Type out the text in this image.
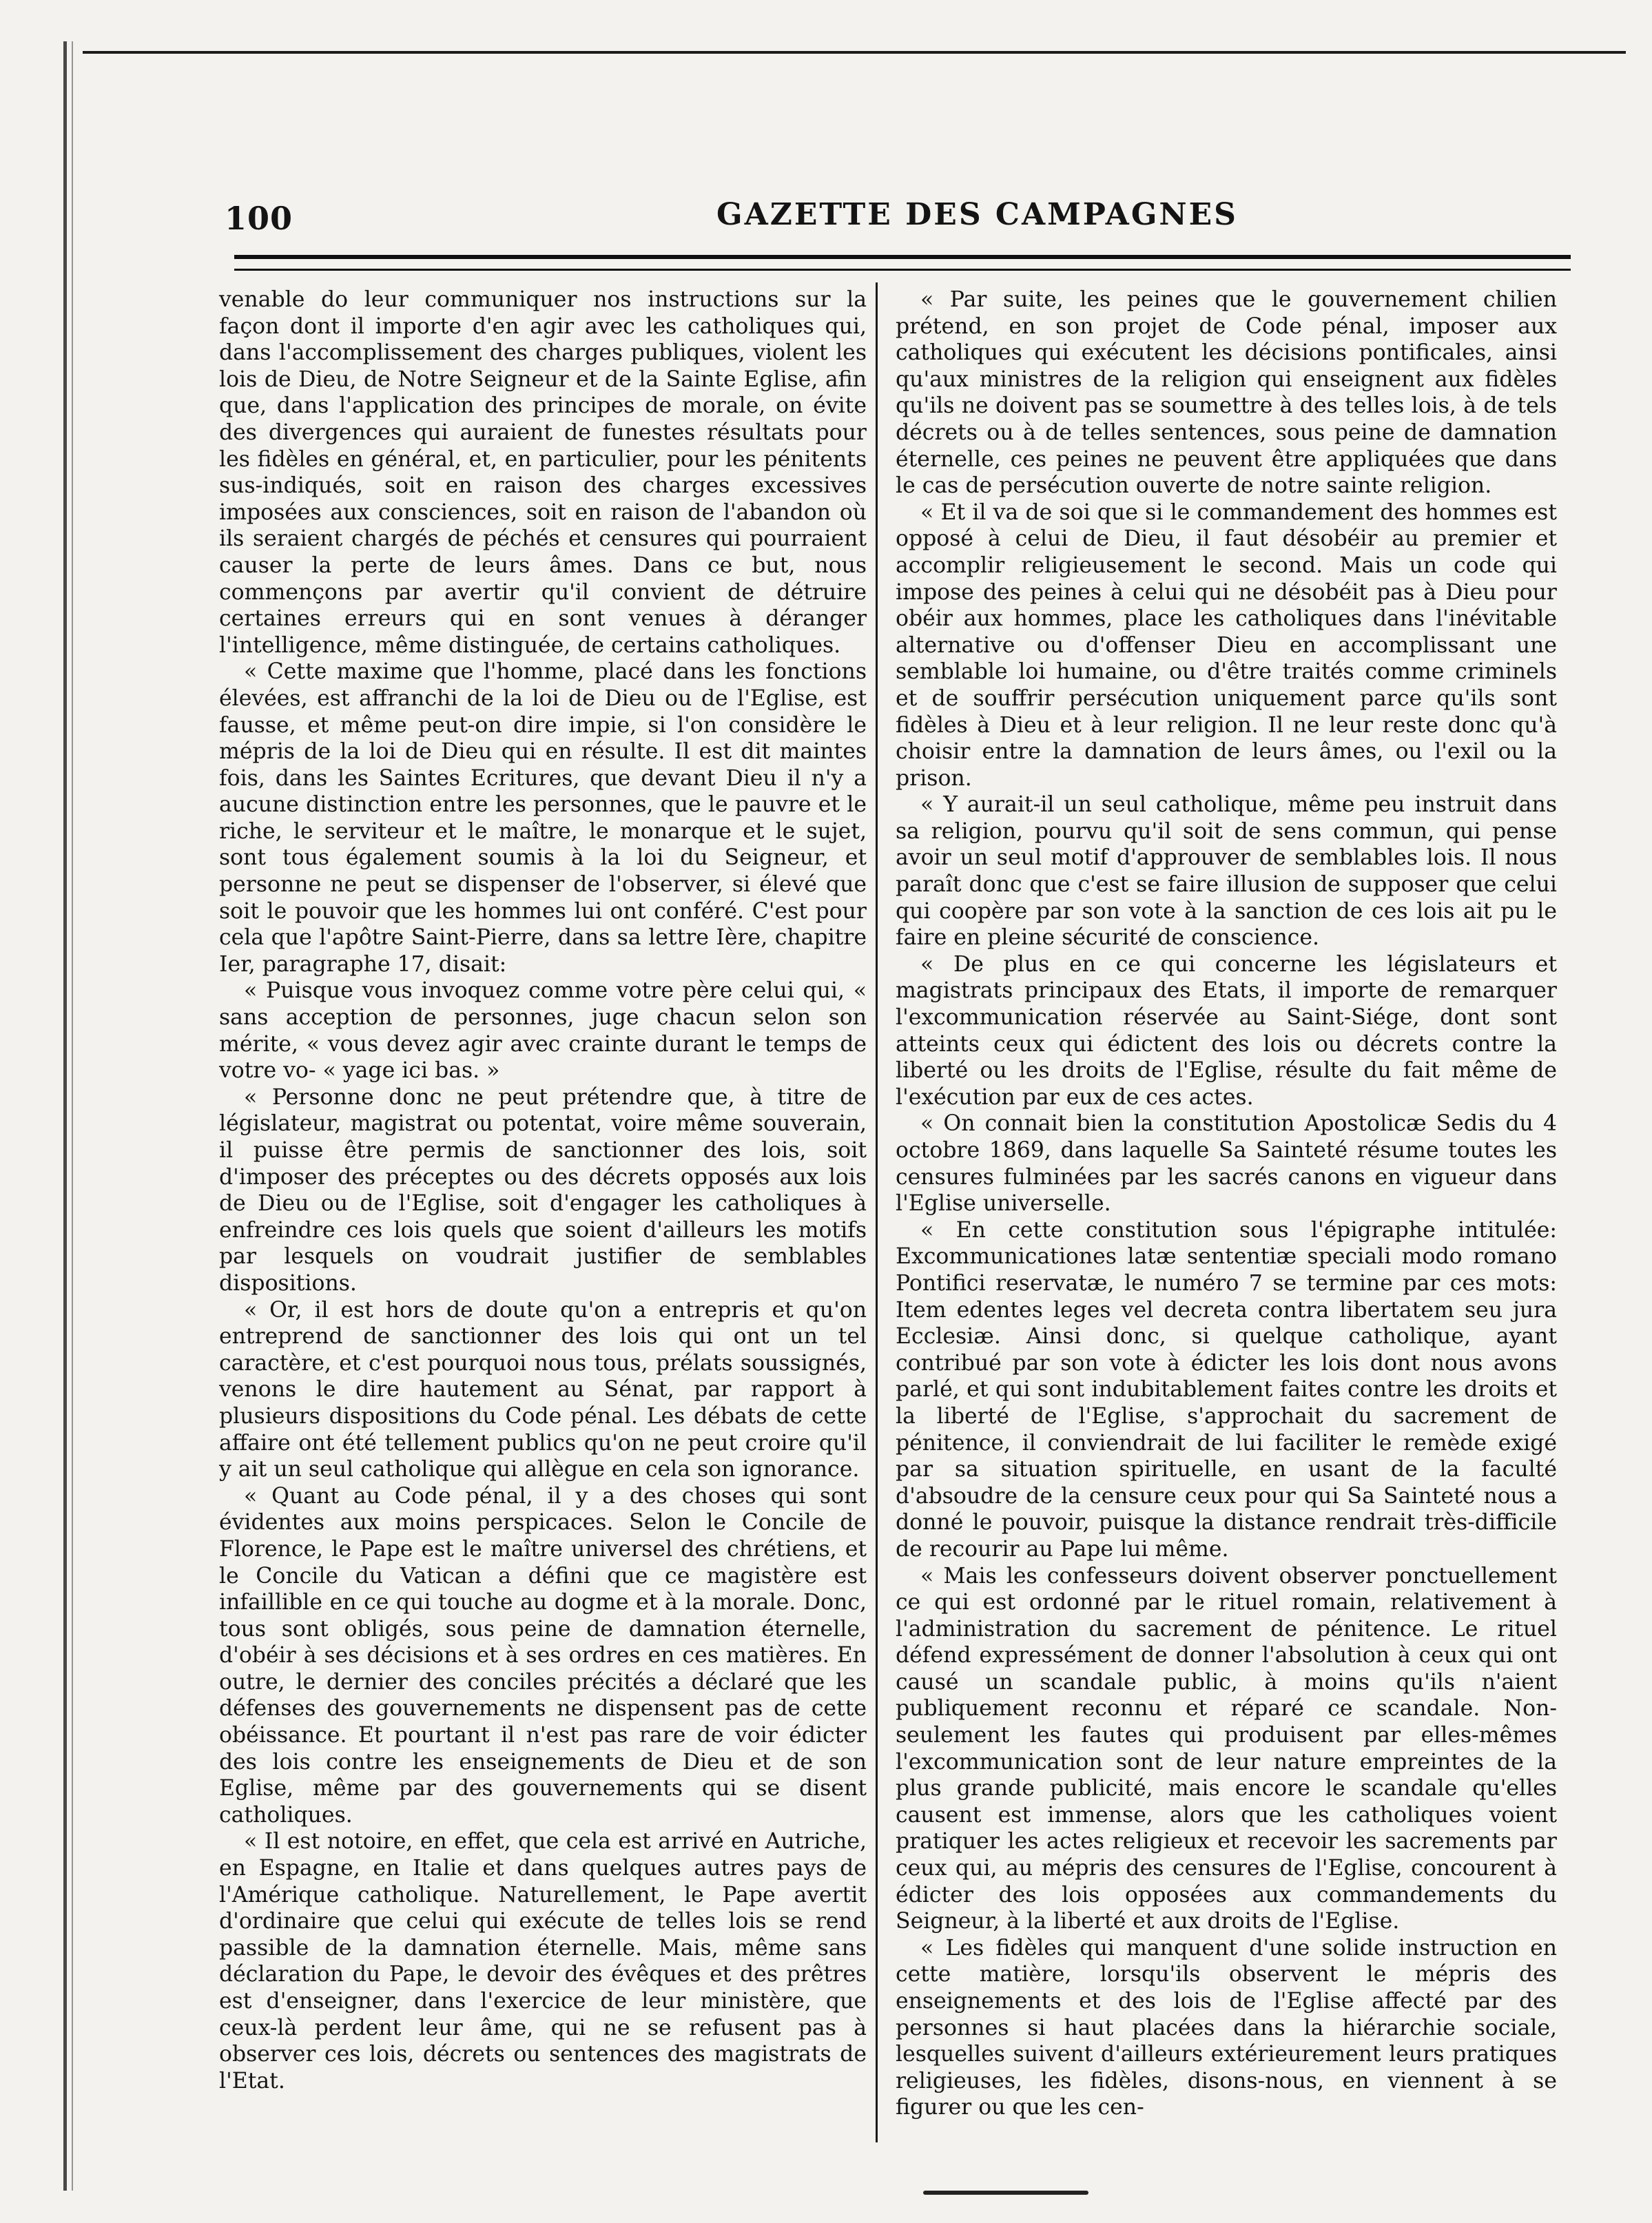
100	GAZETTE DES CAMPAGNES

venable do leur communiquer nos instructions sur la façon dont il importe d'en agir avec les catholiques qui, dans l'accomplissement des charges publiques, violent les lois de Dieu, de Notre Seigneur et de la Sainte Eglise, afin que, dans l'application des principes de morale, on évite des divergences qui auraient de funestes résultats pour les fidèles en général, et, en particulier, pour les pénitents sus-indiqués, soit en raison des charges excessives imposées aux consciences, soit en raison de l'abandon où ils seraient chargés de péchés et censures qui pourraient causer la perte de leurs âmes. Dans ce but, nous commençons par avertir qu'il convient de détruire certaines erreurs qui en sont venues à déranger l'intelligence, même distinguée, de certains catholiques.

« Cette maxime que l'homme, placé dans les fonctions élevées, est affranchi de la loi de Dieu ou de l'Eglise, est fausse, et même peut-on dire impie, si l'on considère le mépris de la loi de Dieu qui en résulte. Il est dit maintes fois, dans les Saintes Ecritures, que devant Dieu il n'y a aucune distinction entre les personnes, que le pauvre et le riche, le serviteur et le maître, le monarque et le sujet, sont tous également soumis à la loi du Seigneur, et personne ne peut se dispenser de l'observer, si élevé que soit le pouvoir que les hommes lui ont conféré. C'est pour cela que l'apôtre Saint-Pierre, dans sa lettre Ière, chapitre Ier, paragraphe 17, disait:

« Puisque vous invoquez comme votre père celui qui, « sans acception de personnes, juge chacun selon son mérite, « vous devez agir avec crainte durant le temps de votre vo- « yage ici bas. »

« Personne donc ne peut prétendre que, à titre de législateur, magistrat ou potentat, voire même souverain, il puisse être permis de sanctionner des lois, soit d'imposer des préceptes ou des décrets opposés aux lois de Dieu ou de l'Eglise, soit d'engager les catholiques à enfreindre ces lois quels que soient d'ailleurs les motifs par lesquels on voudrait justifier de semblables dispositions.

« Or, il est hors de doute qu'on a entrepris et qu'on entreprend de sanctionner des lois qui ont un tel caractère, et c'est pourquoi nous tous, prélats soussignés, venons le dire hautement au Sénat, par rapport à plusieurs dispositions du Code pénal. Les débats de cette affaire ont été tellement publics qu'on ne peut croire qu'il y ait un seul catholique qui allègue en cela son ignorance.

« Quant au Code pénal, il y a des choses qui sont évidentes aux moins perspicaces. Selon le Concile de Florence, le Pape est le maître universel des chrétiens, et le Concile du Vatican a défini que ce magistère est infaillible en ce qui touche au dogme et à la morale. Donc, tous sont obligés, sous peine de damnation éternelle, d'obéir à ses décisions et à ses ordres en ces matières. En outre, le dernier des conciles précités a déclaré que les défenses des gouvernements ne dispensent pas de cette obéissance. Et pourtant il n'est pas rare de voir édicter des lois contre les enseignements de Dieu et de son Eglise, même par des gouvernements qui se disent catholiques.

« Il est notoire, en effet, que cela est arrivé en Autriche, en Espagne, en Italie et dans quelques autres pays de l'Amérique catholique. Naturellement, le Pape avertit d'ordinaire que celui qui exécute de telles lois se rend passible de la damnation éternelle. Mais, même sans déclaration du Pape, le devoir des évêques et des prêtres est d'enseigner, dans l'exercice de leur ministère, que ceux-là perdent leur âme, qui ne se refusent pas à observer ces lois, décrets ou sentences des magistrats de l'Etat.

« Par suite, les peines que le gouvernement chilien prétend, en son projet de Code pénal, imposer aux catholiques qui exécutent les décisions pontificales, ainsi qu'aux ministres de la religion qui enseignent aux fidèles qu'ils ne doivent pas se soumettre à des telles lois, à de tels décrets ou à de telles sentences, sous peine de damnation éternelle, ces peines ne peuvent être appliquées que dans le cas de persécution ouverte de notre sainte religion.

« Et il va de soi que si le commandement des hommes est opposé à celui de Dieu, il faut désobéir au premier et accomplir religieusement le second. Mais un code qui impose des peines à celui qui ne désobéit pas à Dieu pour obéir aux hommes, place les catholiques dans l'inévitable alternative ou d'offenser Dieu en accomplissant une semblable loi humaine, ou d'être traités comme criminels et de souffrir persécution uniquement parce qu'ils sont fidèles à Dieu et à leur religion. Il ne leur reste donc qu'à choisir entre la damnation de leurs âmes, ou l'exil ou la prison.

« Y aurait-il un seul catholique, même peu instruit dans sa religion, pourvu qu'il soit de sens commun, qui pense avoir un seul motif d'approuver de semblables lois. Il nous paraît donc que c'est se faire illusion de supposer que celui qui coopère par son vote à la sanction de ces lois ait pu le faire en pleine sécurité de conscience.

« De plus en ce qui concerne les législateurs et magistrats principaux des Etats, il importe de remarquer l'excommunication réservée au Saint-Siége, dont sont atteints ceux qui édictent des lois ou décrets contre la liberté ou les droits de l'Eglise, résulte du fait même de l'exécution par eux de ces actes.

« On connait bien la constitution Apostolicæ Sedis du 4 octobre 1869, dans laquelle Sa Sainteté résume toutes les censures fulminées par les sacrés canons en vigueur dans l'Eglise universelle.

« En cette constitution sous l'épigraphe intitulée: Excommunicationes latæ sententiæ speciali modo romano Pontifici reservatæ, le numéro 7 se termine par ces mots: Item edentes leges vel decreta contra libertatem seu jura Ecclesiæ. Ainsi donc, si quelque catholique, ayant contribué par son vote à édicter les lois dont nous avons parlé, et qui sont indubitablement faites contre les droits et la liberté de l'Eglise, s'approchait du sacrement de pénitence, il conviendrait de lui faciliter le remède exigé par sa situation spirituelle, en usant de la faculté d'absoudre de la censure ceux pour qui Sa Sainteté nous a donné le pouvoir, puisque la distance rendrait très-difficile de recourir au Pape lui même.

« Mais les confesseurs doivent observer ponctuellement ce qui est ordonné par le rituel romain, relativement à l'administration du sacrement de pénitence. Le rituel défend expressément de donner l'absolution à ceux qui ont causé un scandale public, à moins qu'ils n'aient publiquement reconnu et réparé ce scandale. Non-seulement les fautes qui produisent par elles-mêmes l'excommunication sont de leur nature empreintes de la plus grande publicité, mais encore le scandale qu'elles causent est immense, alors que les catholiques voient pratiquer les actes religieux et recevoir les sacrements par ceux qui, au mépris des censures de l'Eglise, concourent à édicter des lois opposées aux commandements du Seigneur, à la liberté et aux droits de l'Eglise.

« Les fidèles qui manquent d'une solide instruction en cette matière, lorsqu'ils observent le mépris des enseignements et des lois de l'Eglise affecté par des personnes si haut placées dans la hiérarchie sociale, lesquelles suivent d'ailleurs extérieurement leurs pratiques religieuses, les fidèles, disons-nous, en viennent à se figurer ou que les cen-
